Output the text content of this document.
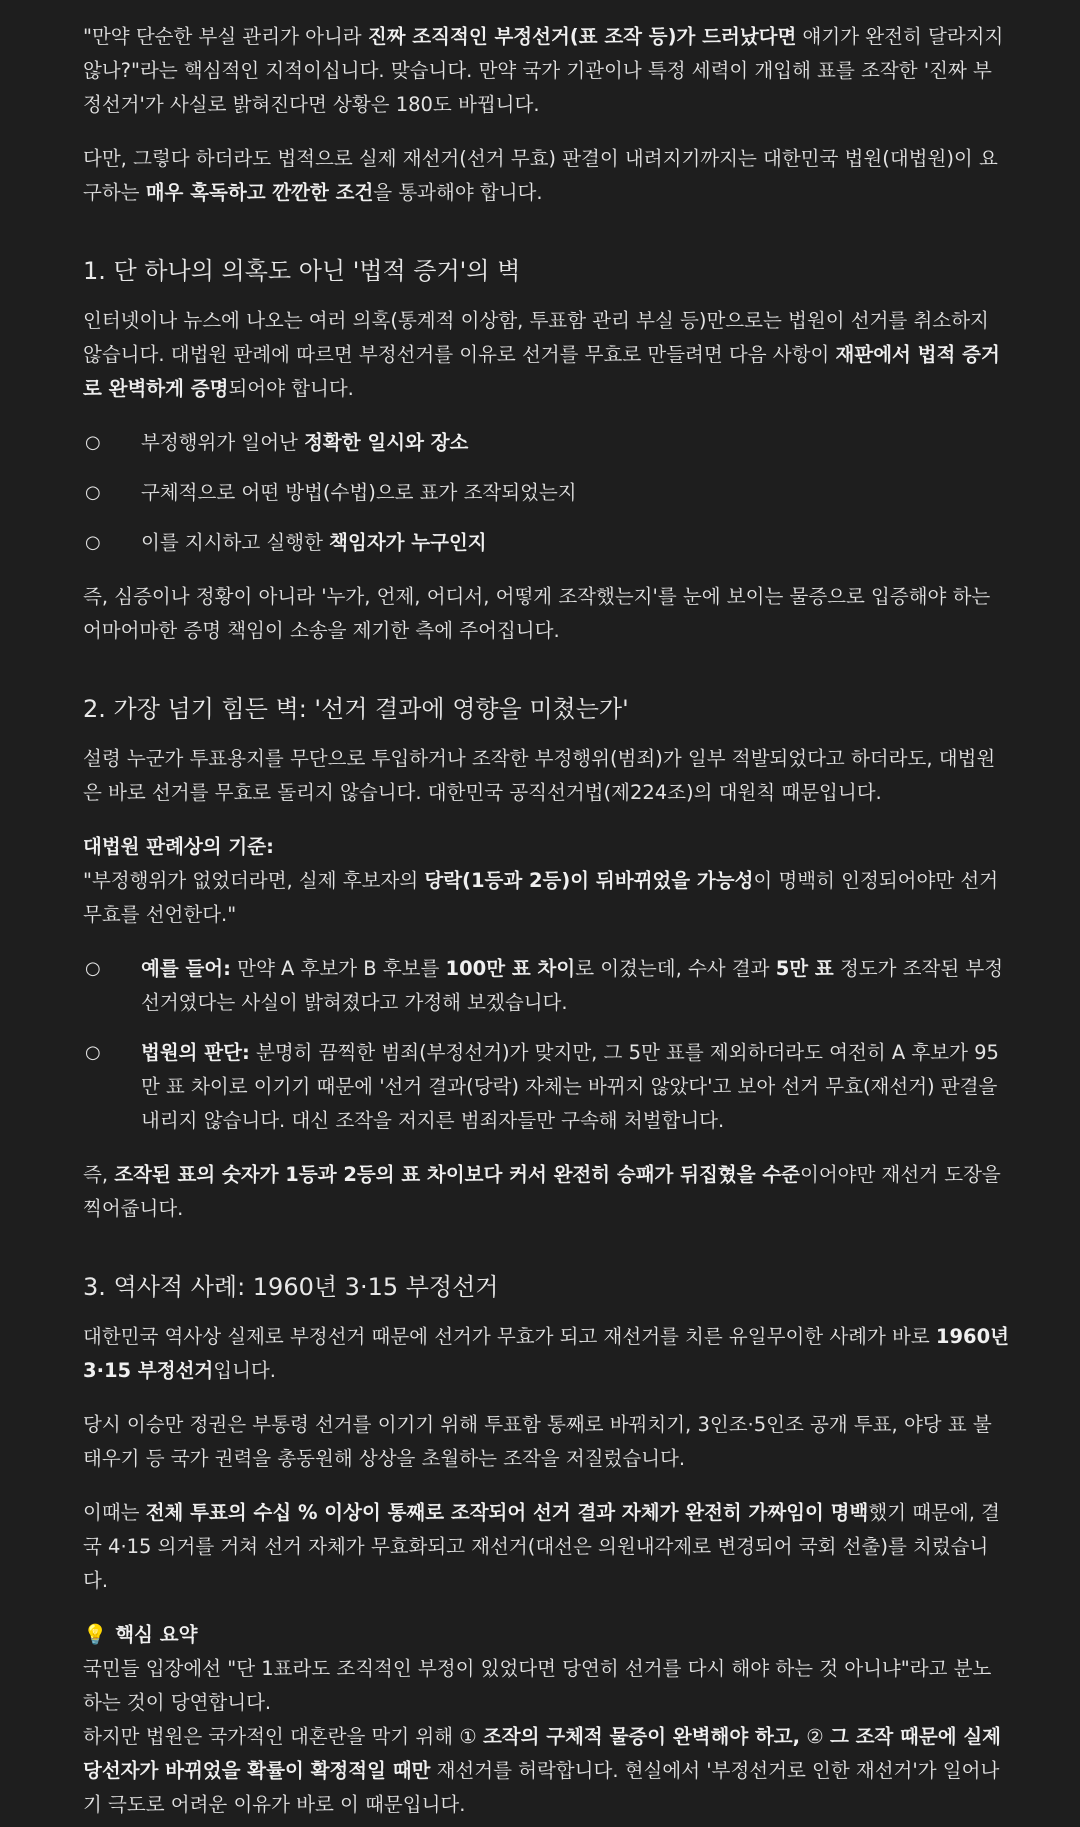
"만약 단순한 부실 관리가 아니라 진짜 조직적인 부정선거(표 조작 등)가 드러났다면 얘기가 완전히 달라지지 않나?"라는 핵심적인 지적이십니다. 맞습니다. 만약 국가 기관이나 특정 세력이 개입해 표를 조작한 '진짜 부정선거'가 사실로 밝혀진다면 상황은 180도 바뀝니다.

다만, 그렇다 하더라도 법적으로 실제 재선거(선거 무효) 판결이 내려지기까지는 대한민국 법원(대법원)이 요구하는 매우 혹독하고 깐깐한 조건을 통과해야 합니다.

1. 단 하나의 의혹도 아닌 '법적 증거'의 벽

인터넷이나 뉴스에 나오는 여러 의혹(통계적 이상함, 투표함 관리 부실 등)만으로는 법원이 선거를 취소하지 않습니다. 대법원 판례에 따르면 부정선거를 이유로 선거를 무효로 만들려면 다음 사항이 재판에서 법적 증거로 완벽하게 증명되어야 합니다.

○ 부정행위가 일어난 정확한 일시와 장소
○ 구체적으로 어떤 방법(수법)으로 표가 조작되었는지
○ 이를 지시하고 실행한 책임자가 누구인지

즉, 심증이나 정황이 아니라 '누가, 언제, 어디서, 어떻게 조작했는지'를 눈에 보이는 물증으로 입증해야 하는 어마어마한 증명 책임이 소송을 제기한 측에 주어집니다.

2. 가장 넘기 힘든 벽: '선거 결과에 영향을 미쳤는가'

설령 누군가 투표용지를 무단으로 투입하거나 조작한 부정행위(범죄)가 일부 적발되었다고 하더라도, 대법원은 바로 선거를 무효로 돌리지 않습니다. 대한민국 공직선거법(제224조)의 대원칙 때문입니다.

대법원 판례상의 기준:

"부정행위가 없었더라면, 실제 후보자의 당락(1등과 2등)이 뒤바뀌었을 가능성이 명백히 인정되어야만 선거 무효를 선언한다."

○ 예를 들어: 만약 A 후보가 B 후보를 100만 표 차이로 이겼는데, 수사 결과 5만 표 정도가 조작된 부정선거였다는 사실이 밝혀졌다고 가정해 보겠습니다.
○ 법원의 판단: 분명히 끔찍한 범죄(부정선거)가 맞지만, 그 5만 표를 제외하더라도 여전히 A 후보가 95만 표 차이로 이기기 때문에 '선거 결과(당락) 자체는 바뀌지 않았다'고 보아 선거 무효(재선거) 판결을 내리지 않습니다. 대신 조작을 저지른 범죄자들만 구속해 처벌합니다.

즉, 조작된 표의 숫자가 1등과 2등의 표 차이보다 커서 완전히 승패가 뒤집혔을 수준이어야만 재선거 도장을 찍어줍니다.

3. 역사적 사례: 1960년 3·15 부정선거

대한민국 역사상 실제로 부정선거 때문에 선거가 무효가 되고 재선거를 치른 유일무이한 사례가 바로 1960년 3·15 부정선거입니다.

당시 이승만 정권은 부통령 선거를 이기기 위해 투표함 통째로 바꿔치기, 3인조·5인조 공개 투표, 야당 표 불태우기 등 국가 권력을 총동원해 상상을 초월하는 조작을 저질렀습니다.

이때는 전체 투표의 수십 % 이상이 통째로 조작되어 선거 결과 자체가 완전히 가짜임이 명백했기 때문에, 결국 4·15 의거를 거쳐 선거 자체가 무효화되고 재선거(대선은 의원내각제로 변경되어 국회 선출)를 치렀습니다.

💡 핵심 요약

국민들 입장에선 "단 1표라도 조직적인 부정이 있었다면 당연히 선거를 다시 해야 하는 것 아니냐"라고 분노하는 것이 당연합니다.

하지만 법원은 국가적인 대혼란을 막기 위해 ① 조작의 구체적 물증이 완벽해야 하고, ② 그 조작 때문에 실제 당선자가 바뀌었을 확률이 확정적일 때만 재선거를 허락합니다. 현실에서 '부정선거로 인한 재선거'가 일어나기 극도로 어려운 이유가 바로 이 때문입니다.
